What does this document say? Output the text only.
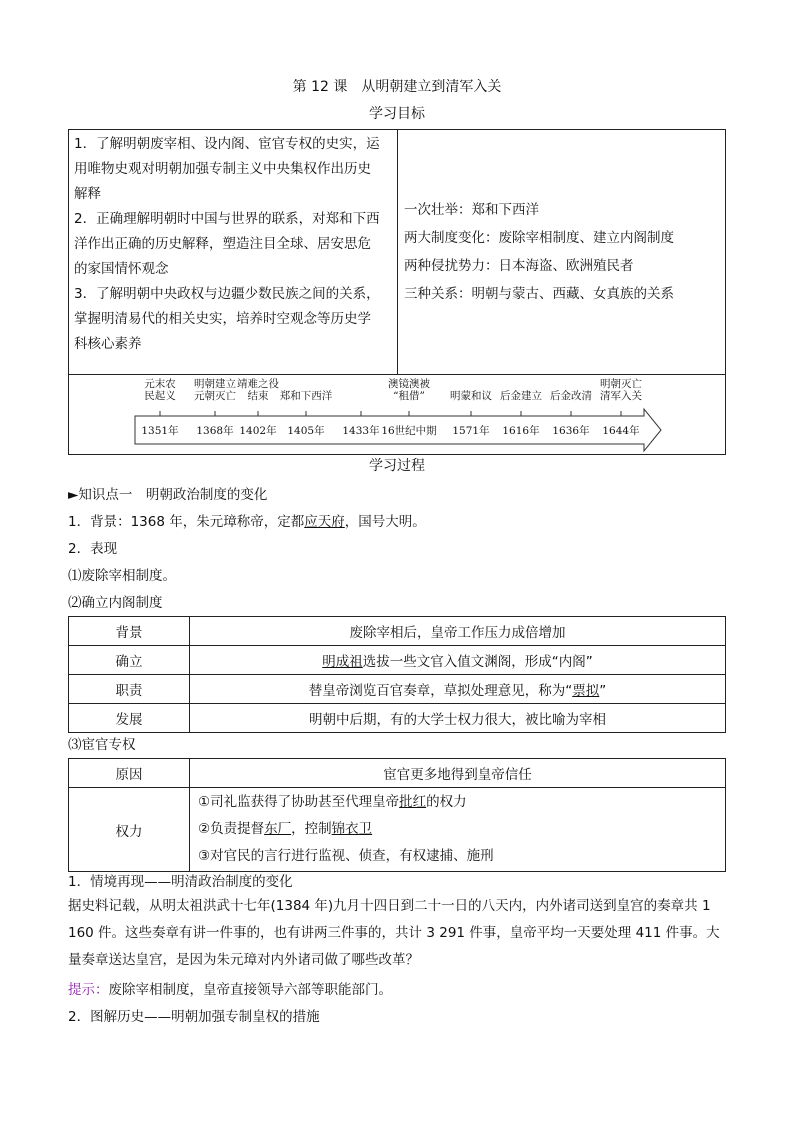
第 12 课　从明朝建立到清军入关
学习目标
1．了解明朝废宰相、设内阁、宦官专权的史实，运
用唯物史观对明朝加强专制主义中央集权作出历史
解释
2．正确理解明朝时中国与世界的联系，对郑和下西
洋作出正确的历史解释，塑造注目全球、居安思危
的家国情怀观念
3．了解明朝中央政权与边疆少数民族之间的关系，
掌握明清易代的相关史实，培养时空观念等历史学
科核心素养

一次壮举：郑和下西洋
两大制度变化：废除宰相制度、建立内阁制度
两种侵扰势力：日本海盗、欧洲殖民者
三种关系：明朝与蒙古、西藏、女真族的关系
元末农
民起义
1351年
明朝建立
元朝灭亡
1368年
靖难之役
结束
1402年
郑和下西洋
1405年 1433年
澳镜澳被
“租借”
16世纪中期
明蒙和议
1571年
后金建立
1616年
后金改清
1636年
明朝灭亡
清军入关
1644年
学习过程
►知识点一　明朝政治制度的变化
1．背景：1368 年，朱元璋称帝，定都应天府，国号大明。
2．表现
⑴废除宰相制度。
⑵确立内阁制度
背景	废除宰相后，皇帝工作压力成倍增加
确立	明成祖选拔一些文官入值文渊阁，形成“内阁”
职责	替皇帝浏览百官奏章，草拟处理意见，称为“票拟”
发展	明朝中后期，有的大学士权力很大，被比喻为宰相
⑶宦官专权
原因	宦官更多地得到皇帝信任
权力	①司礼监获得了协助甚至代理皇帝批红的权力
②负责提督东厂，控制锦衣卫
③对官民的言行进行监视、侦查，有权逮捕、施刑
1．情境再现——明清政治制度的变化
据史料记载，从明太祖洪武十七年(1384 年)九月十四日到二十一日的八天内，内外诸司送到皇宫的奏章共 1 160 件。这些奏章有讲一件事的，也有讲两三件事的，共计 3 291 件事，皇帝平均一天要处理 411 件事。大量奏章送达皇宫，是因为朱元璋对内外诸司做了哪些改革？
提示：废除宰相制度，皇帝直接领导六部等职能部门。
2．图解历史——明朝加强专制皇权的措施
